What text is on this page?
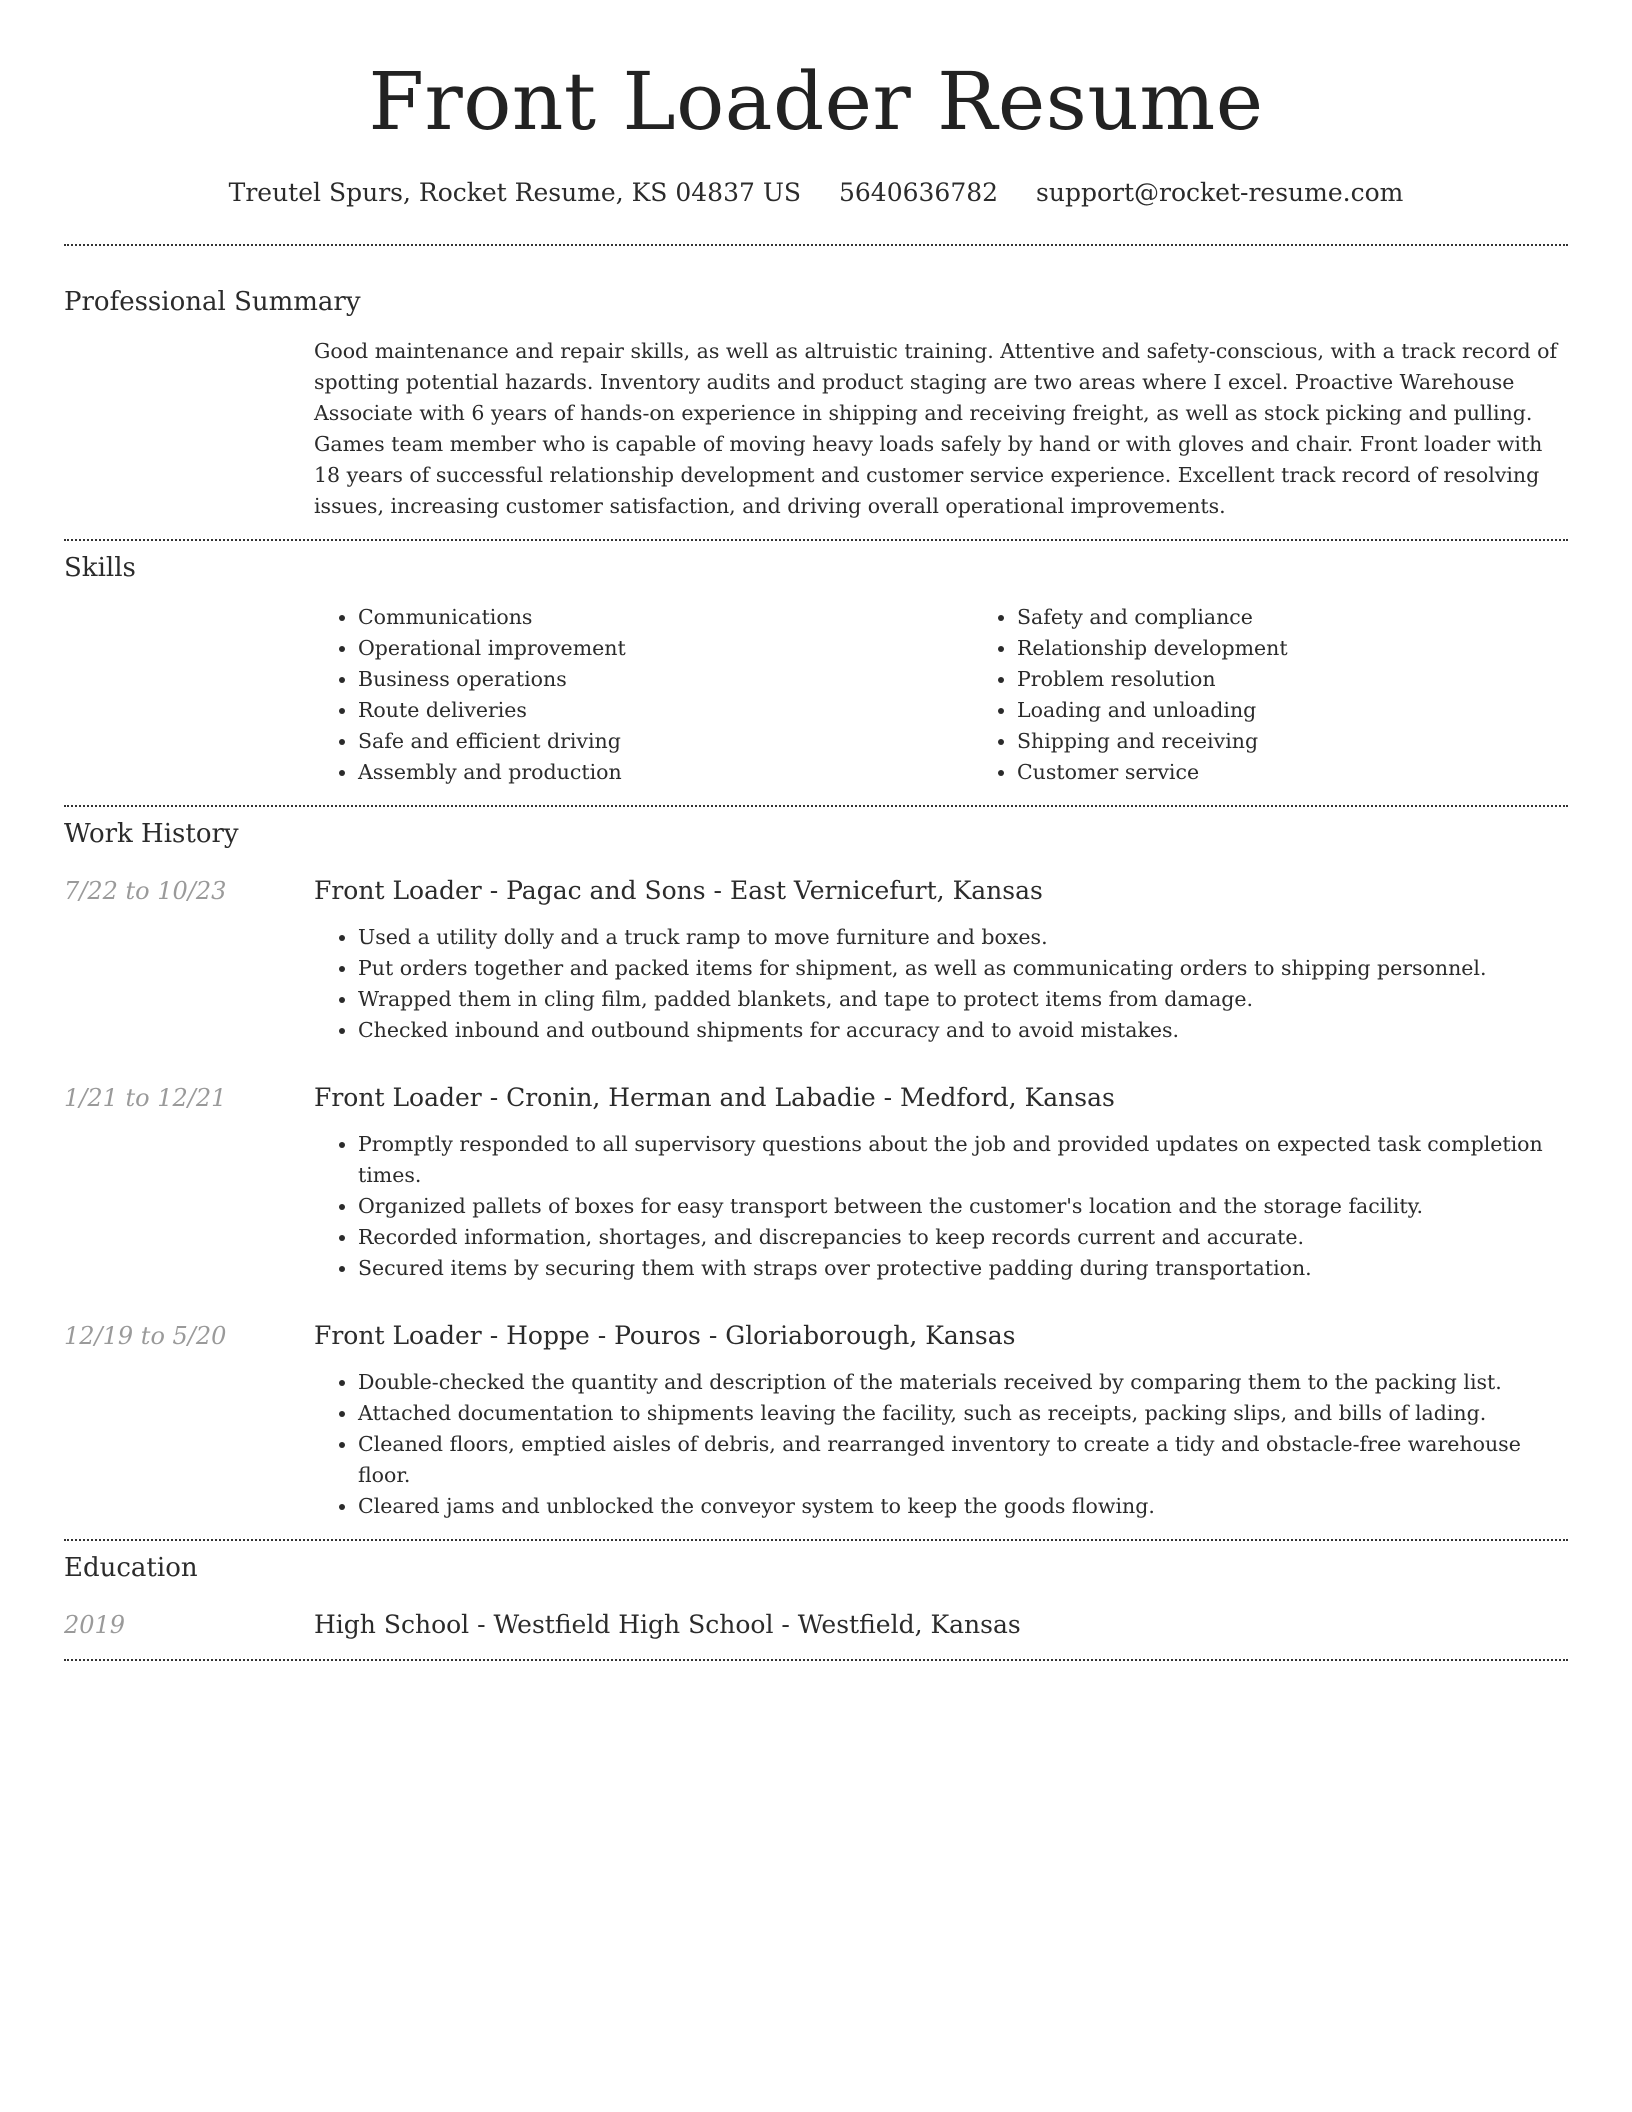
Front Loader Resume
Treutel Spurs, Rocket Resume, KS 04837 US 5640636782 support@rocket-resume.com
Professional Summary

Good maintenance and repair skills, as well as altruistic training. Attentive and safety-conscious, with a track record of spotting potential hazards. Inventory audits and product staging are two areas where I excel. Proactive Warehouse Associate with 6 years of hands-on experience in shipping and receiving freight, as well as stock picking and pulling. Games team member who is capable of moving heavy loads safely by hand or with gloves and chair. Front loader with 18 years of successful relationship development and customer service experience. Excellent track record of resolving issues, increasing customer satisfaction, and driving overall operational improvements.

Skills
• Communications
• Operational improvement
• Business operations
• Route deliveries
• Safe and efficient driving
• Assembly and production
• Safety and compliance
• Relationship development
• Problem resolution
• Loading and unloading
• Shipping and receiving
• Customer service
Work History
7/22 to 10/23	Front Loader - Pagac and Sons - East Vernicefurt, Kansas
• Used a utility dolly and a truck ramp to move furniture and boxes.
• Put orders together and packed items for shipment, as well as communicating orders to shipping personnel.
• Wrapped them in cling film, padded blankets, and tape to protect items from damage.
• Checked inbound and outbound shipments for accuracy and to avoid mistakes.
1/21 to 12/21	Front Loader - Cronin, Herman and Labadie - Medford, Kansas
• Promptly responded to all supervisory questions about the job and provided updates on expected task completion times.
• Organized pallets of boxes for easy transport between the customer's location and the storage facility.
• Recorded information, shortages, and discrepancies to keep records current and accurate.
• Secured items by securing them with straps over protective padding during transportation.
12/19 to 5/20	Front Loader - Hoppe - Pouros - Gloriaborough, Kansas
• Double-checked the quantity and description of the materials received by comparing them to the packing list.
• Attached documentation to shipments leaving the facility, such as receipts, packing slips, and bills of lading.
• Cleaned floors, emptied aisles of debris, and rearranged inventory to create a tidy and obstacle-free warehouse floor.
• Cleared jams and unblocked the conveyor system to keep the goods flowing.
Education
2019	High School - Westfield High School - Westfield, Kansas
